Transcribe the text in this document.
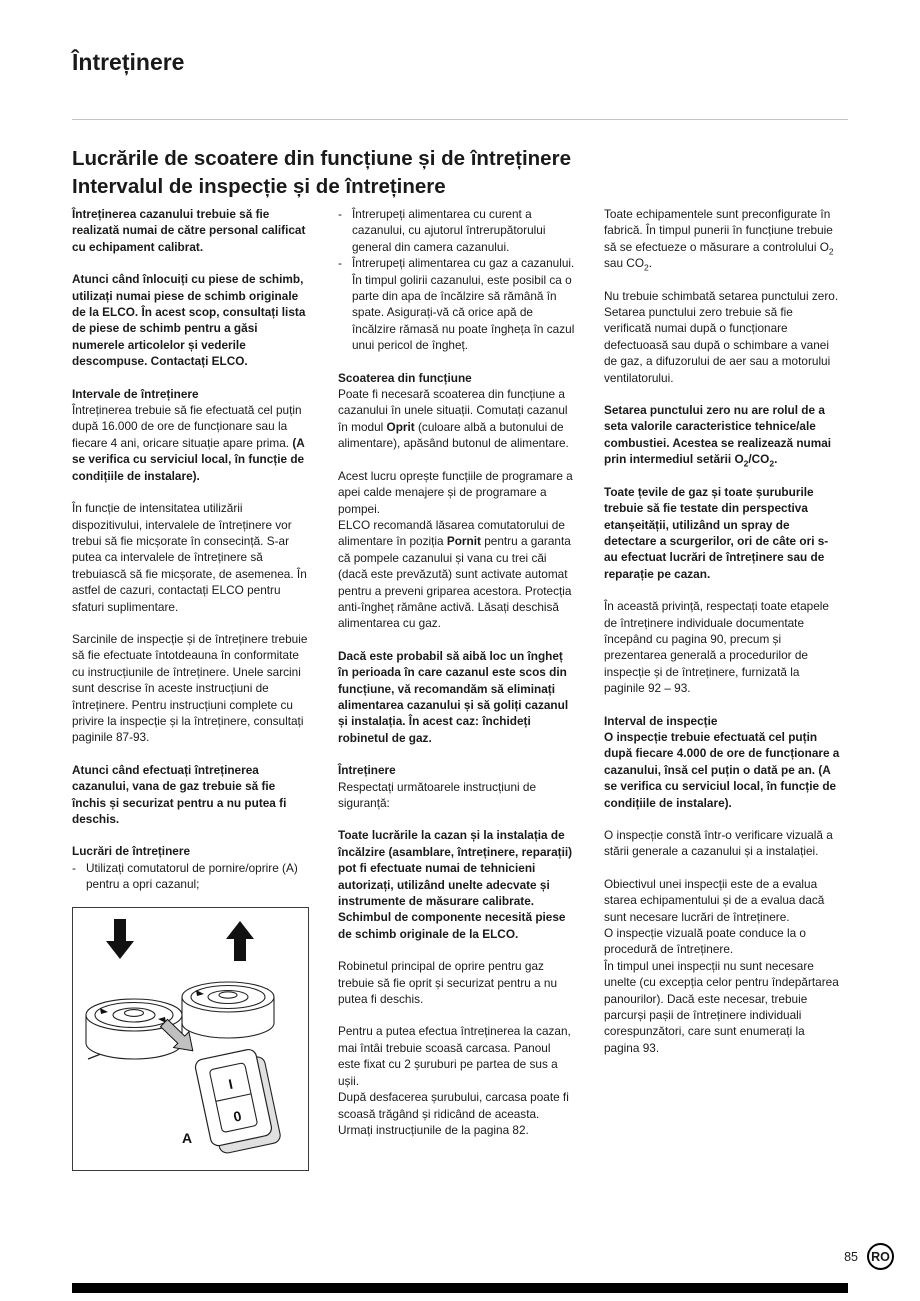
Întreținere
Lucrările de scoatere din funcțiune și de întreținere
Intervalul de inspecție și de întreținere

Întreținerea cazanului trebuie să fie realizată numai de către personal calificat cu echipament calibrat.

Atunci când înlocuiți cu piese de schimb, utilizați numai piese de schimb originale de la ELCO. În acest scop, consultați lista de piese de schimb pentru a găsi numerele articolelor și vederile descompuse. Contactați ELCO.

Intervale de întreținere

Întreținerea trebuie să fie efectuată cel puțin după 16.000 de ore de funcționare sau la fiecare 4 ani, oricare situație apare prima. (A se verifica cu serviciul local, în funcție de condițiile de instalare).

În funcție de intensitatea utilizării dispozitivului, intervalele de întreținere vor trebui să fie micșorate în consecință. S-ar putea ca intervalele de întreținere să trebuiască să fie micșorate, de asemenea. În astfel de cazuri, contactați ELCO pentru sfaturi suplimentare.

Sarcinile de inspecție și de întreținere trebuie să fie efectuate întotdeauna în conformitate cu instrucțiunile de întreținere. Unele sarcini sunt descrise în aceste instrucțiuni de întreținere. Pentru instrucțiuni complete cu privire la inspecție și la întreținere, consultați paginile 87-93.

Atunci când efectuați întreținerea cazanului, vana de gaz trebuie să fie închis și securizat pentru a nu putea fi deschis.

Lucrări de întreținere

- Utilizați comutatorul de pornire/oprire (A) pentru a opri cazanul;
I
0
A
- Întrerupeți alimentarea cu curent a cazanului, cu ajutorul întrerupătorului general din camera cazanului.
- Întrerupeți alimentarea cu gaz a cazanului. În timpul golirii cazanului, este posibil ca o parte din apa de încălzire să rămână în spate. Asigurați-vă că orice apă de încălzire rămasă nu poate îngheța în cazul unui pericol de îngheț.

Scoaterea din funcțiune

Poate fi necesară scoaterea din funcțiune a cazanului în unele situații. Comutați cazanul în modul Oprit (culoare albă a butonului de alimentare), apăsând butonul de alimentare.

Acest lucru oprește funcțiile de programare a apei calde menajere și de programare a pompei.
ELCO recomandă lăsarea comutatorului de alimentare în poziția Pornit pentru a garanta că pompele cazanului și vana cu trei căi (dacă este prevăzută) sunt activate automat pentru a preveni griparea acestora. Protecția anti-îngheț rămâne activă. Lăsați deschisă alimentarea cu gaz.

Dacă este probabil să aibă loc un îngheț în perioada în care cazanul este scos din funcțiune, vă recomandăm să eliminați alimentarea cazanului și să goliți cazanul și instalația. În acest caz: închideți robinetul de gaz.

Întreținere

Respectați următoarele instrucțiuni de siguranță:

Toate lucrările la cazan și la instalația de încălzire (asamblare, întreținere, reparații) pot fi efectuate numai de tehnicieni autorizați, utilizând unelte adecvate și instrumente de măsurare calibrate. Schimbul de componente necesită piese de schimb originale de la ELCO.

Robinetul principal de oprire pentru gaz trebuie să fie oprit și securizat pentru a nu putea fi deschis.

Pentru a putea efectua întreținerea la cazan, mai întâi trebuie scoasă carcasa. Panoul este fixat cu 2 șuruburi pe partea de sus a ușii.
După desfacerea șurubului, carcasa poate fi scoasă trăgând și ridicând de aceasta. Urmați instrucțiunile de la pagina 82.

Toate echipamentele sunt preconfigurate în fabrică. În timpul punerii în funcțiune trebuie să se efectueze o măsurare a controlului $O_2$ sau $CO_2$.

Nu trebuie schimbată setarea punctului zero. Setarea punctului zero trebuie să fie verificată numai după o funcționare defectuoasă sau după o schimbare a vanei de gaz, a difuzorului de aer sau a motorului ventilatorului.

Setarea punctului zero nu are rolul de a seta valorile caracteristice tehnice/ale combustiei. Acestea se realizează numai prin intermediul setării $O_2/CO_2$.

Toate țevile de gaz și toate șuruburile trebuie să fie testate din perspectiva etanșeității, utilizând un spray de detectare a scurgerilor, ori de câte ori s-au efectuat lucrări de întreținere sau de reparație pe cazan.

În această privință, respectați toate etapele de întreținere individuale documentate începând cu pagina 90, precum și prezentarea generală a procedurilor de inspecție și de întreținere, furnizată la paginile 92 – 93.

Interval de inspecție

O inspecție trebuie efectuată cel puțin după fiecare 4.000 de ore de funcționare a cazanului, însă cel puțin o dată pe an. (A se verifica cu serviciul local, în funcție de condițiile de instalare).

O inspecție constă într-o verificare vizuală a stării generale a cazanului și a instalației.

Obiectivul unei inspecții este de a evalua starea echipamentului și de a evalua dacă sunt necesare lucrări de întreținere.
O inspecție vizuală poate conduce la o procedură de întreținere.
În timpul unei inspecții nu sunt necesare unelte (cu excepția celor pentru îndepărtarea panourilor). Dacă este necesar, trebuie parcurși pașii de întreținere individuali corespunzători, care sunt enumerați la pagina 93.

85	RO
